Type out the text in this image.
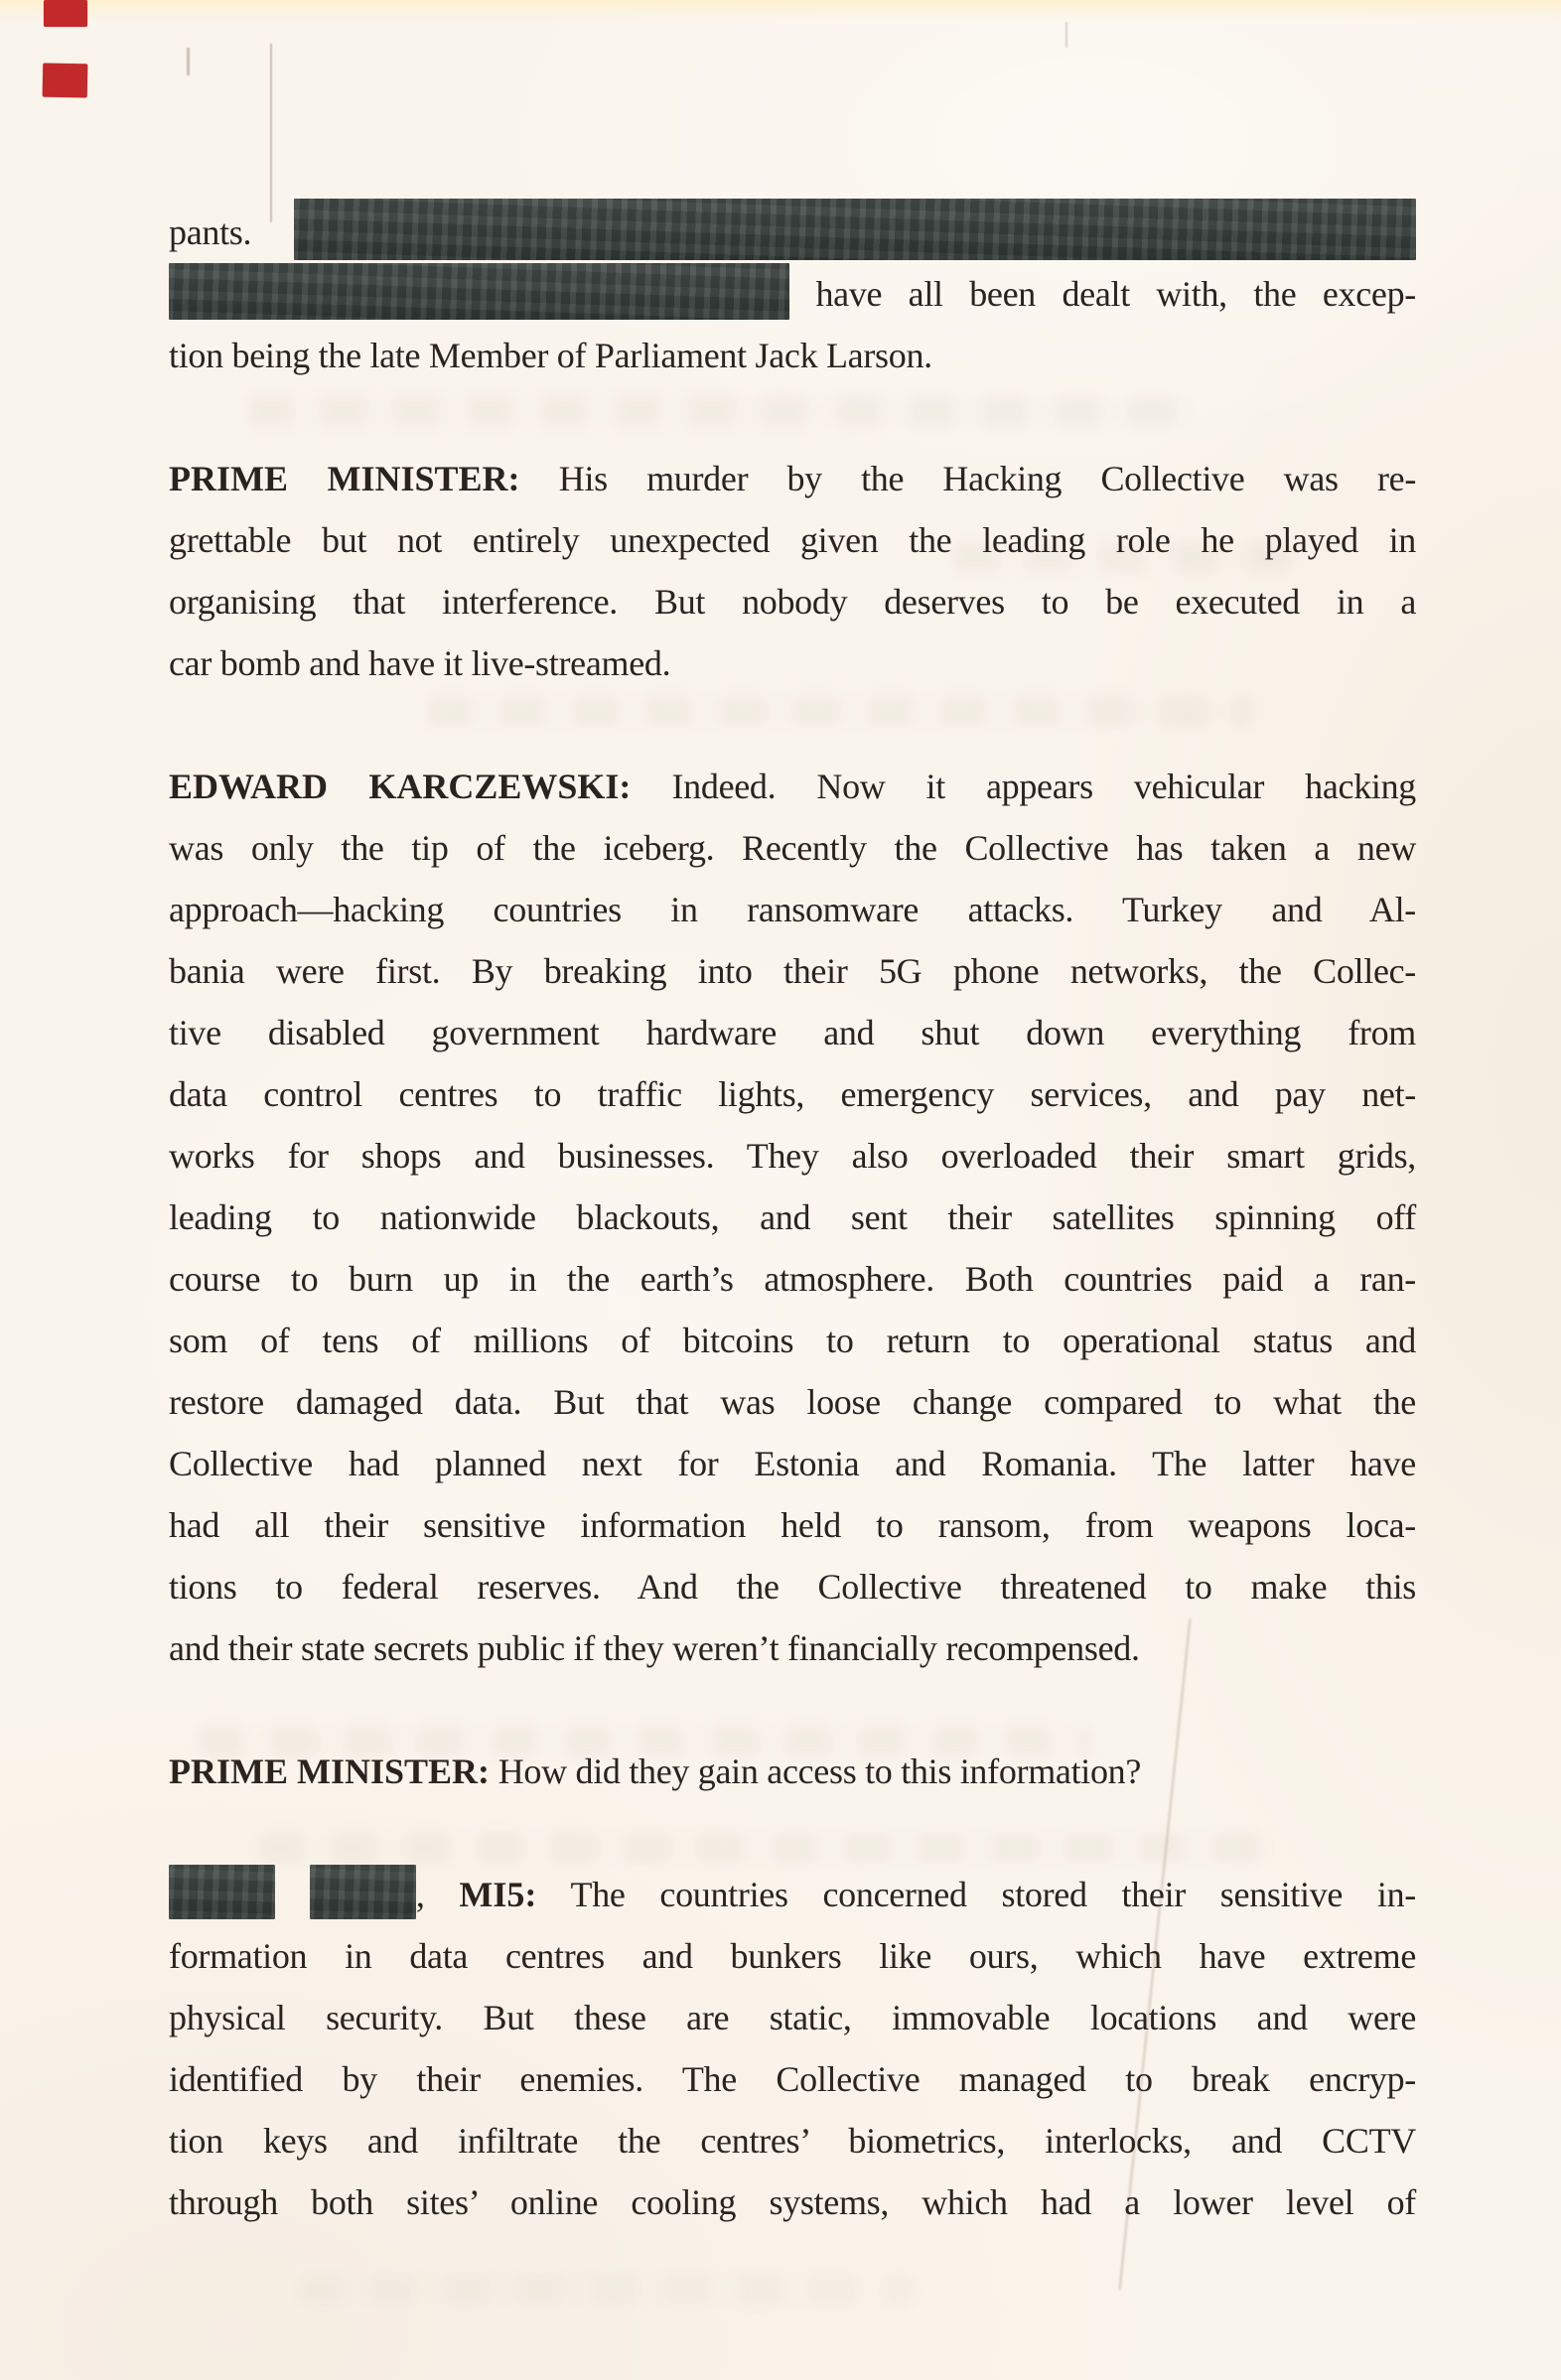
pants.
have all been dealt with, the excep-
tion being the late Member of Parliament Jack Larson.
PRIME MINISTER: His murder by the Hacking Collective was re-
grettable but not entirely unexpected given the leading role he played in
organising that interference. But nobody deserves to be executed in a
car bomb and have it live-streamed.
EDWARD KARCZEWSKI: Indeed. Now it appears vehicular hacking
was only the tip of the iceberg. Recently the Collective has taken a new
approach—hacking countries in ransomware attacks. Turkey and Al-
bania were first. By breaking into their 5G phone networks, the Collec-
tive disabled government hardware and shut down everything from
data control centres to traffic lights, emergency services, and pay net-
works for shops and businesses. They also overloaded their smart grids,
leading to nationwide blackouts, and sent their satellites spinning off
course to burn up in the earth’s atmosphere. Both countries paid a ran-
som of tens of millions of bitcoins to return to operational status and
restore damaged data. But that was loose change compared to what the
Collective had planned next for Estonia and Romania. The latter have
had all their sensitive information held to ransom, from weapons loca-
tions to federal reserves. And the Collective threatened to make this
and their state secrets public if they weren’t financially recompensed.
PRIME MINISTER: How did they gain access to this information?
, MI5: The countries concerned stored their sensitive in-
formation in data centres and bunkers like ours, which have extreme
physical security. But these are static, immovable locations and were
identified by their enemies. The Collective managed to break encryp-
tion keys and infiltrate the centres’ biometrics, interlocks, and CCTV
through both sites’ online cooling systems, which had a lower level of
